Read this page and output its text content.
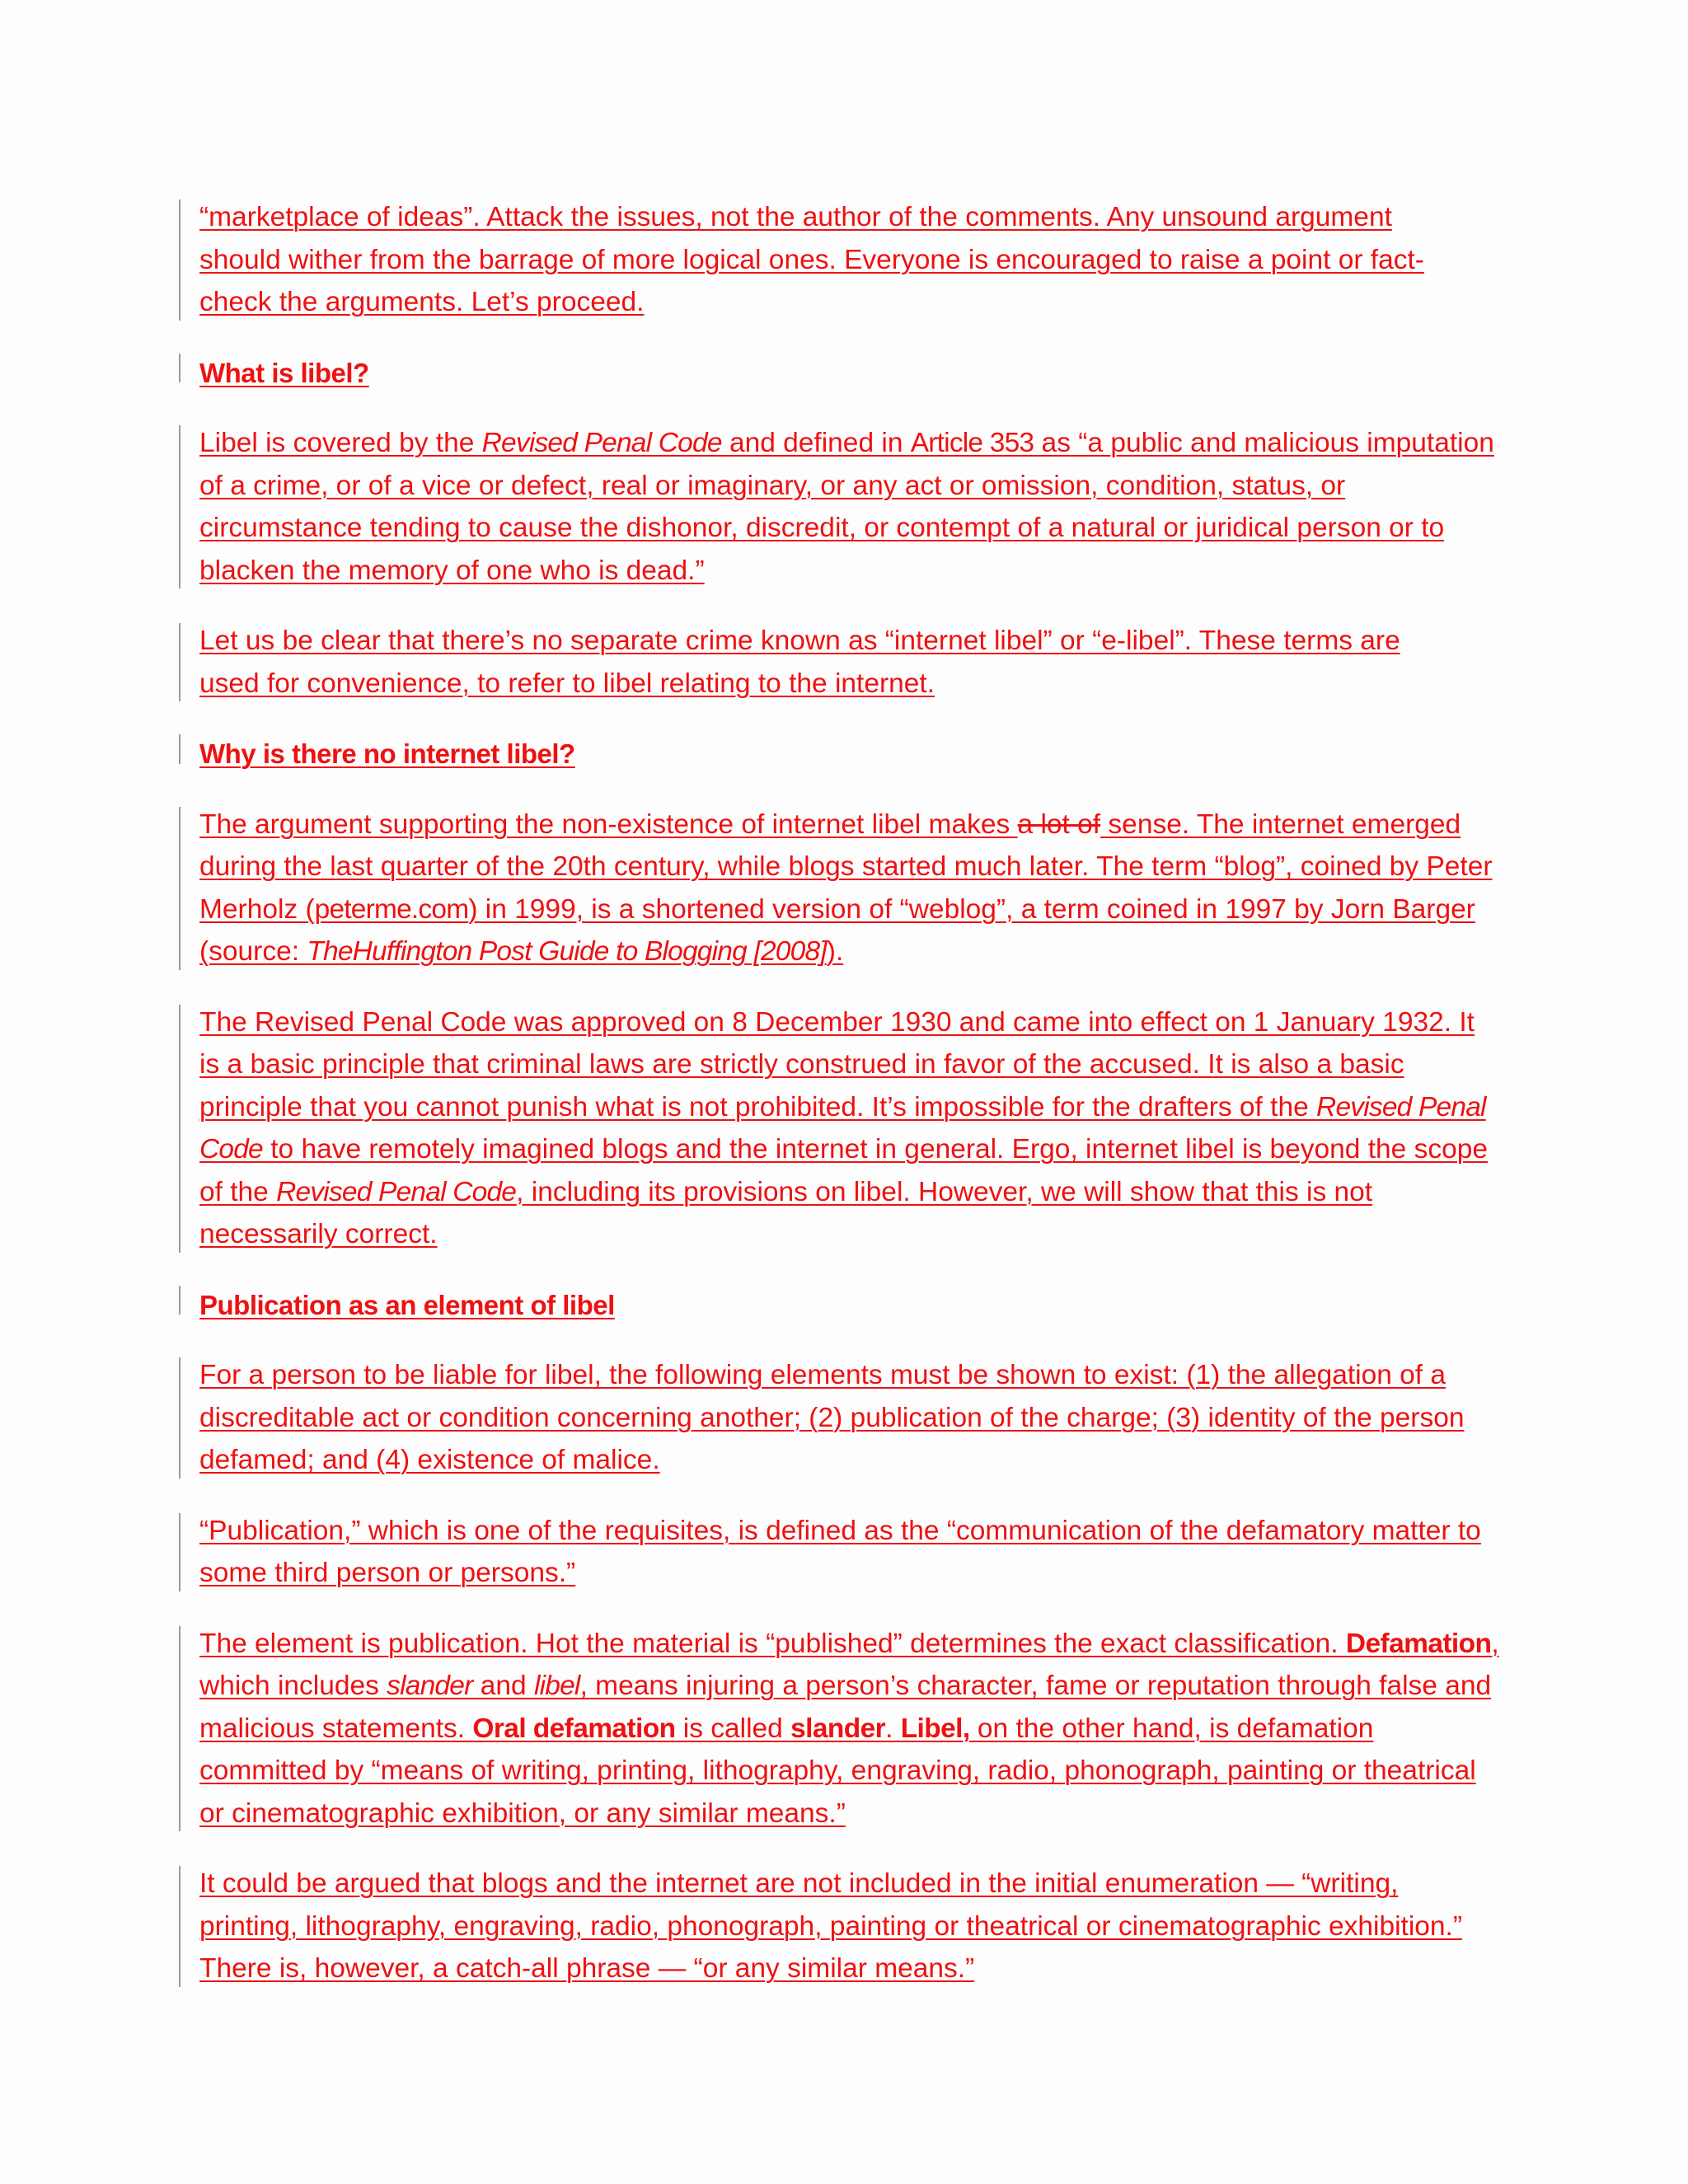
“marketplace of ideas”. Attack the issues, not the author of the comments. Any unsound argument should wither from the barrage of more logical ones. Everyone is encouraged to raise a point or fact-check the arguments. Let’s proceed.

What is libel?

Libel is covered by the Revised Penal Code and defined in Article 353 as “a public and malicious imputation of a crime, or of a vice or defect, real or imaginary, or any act or omission, condition, status, or circumstance tending to cause the dishonor, discredit, or contempt of a natural or juridical person or to blacken the memory of one who is dead.”

Let us be clear that there’s no separate crime known as “internet libel” or “e-libel”. These terms are used for convenience, to refer to libel relating to the internet.

Why is there no internet libel?

The argument supporting the non-existence of internet libel makes a lot of sense. The internet emerged during the last quarter of the 20th century, while blogs started much later. The term “blog”, coined by Peter Merholz (peterme.com) in 1999, is a shortened version of “weblog”, a term coined in 1997 by Jorn Barger (source: TheHuffington Post Guide to Blogging [2008]).

The Revised Penal Code was approved on 8 December 1930 and came into effect on 1 January 1932. It is a basic principle that criminal laws are strictly construed in favor of the accused. It is also a basic principle that you cannot punish what is not prohibited. It’s impossible for the drafters of the Revised Penal Code to have remotely imagined blogs and the internet in general. Ergo, internet libel is beyond the scope of the Revised Penal Code, including its provisions on libel. However, we will show that this is not necessarily correct.

Publication as an element of libel

For a person to be liable for libel, the following elements must be shown to exist: (1) the allegation of a discreditable act or condition concerning another; (2) publication of the charge; (3) identity of the person defamed; and (4) existence of malice.

“Publication,” which is one of the requisites, is defined as the “communication of the defamatory matter to some third person or persons.”

The element is publication. Hot the material is “published” determines the exact classification. Defamation, which includes slander and libel, means injuring a person’s character, fame or reputation through false and malicious statements. Oral defamation is called slander. Libel, on the other hand, is defamation committed by “means of writing, printing, lithography, engraving, radio, phonograph, painting or theatrical or cinematographic exhibition, or any similar means.”

It could be argued that blogs and the internet are not included in the initial enumeration — “writing, printing, lithography, engraving, radio, phonograph, painting or theatrical or cinematographic exhibition.” There is, however, a catch-all phrase — “or any similar means.”
